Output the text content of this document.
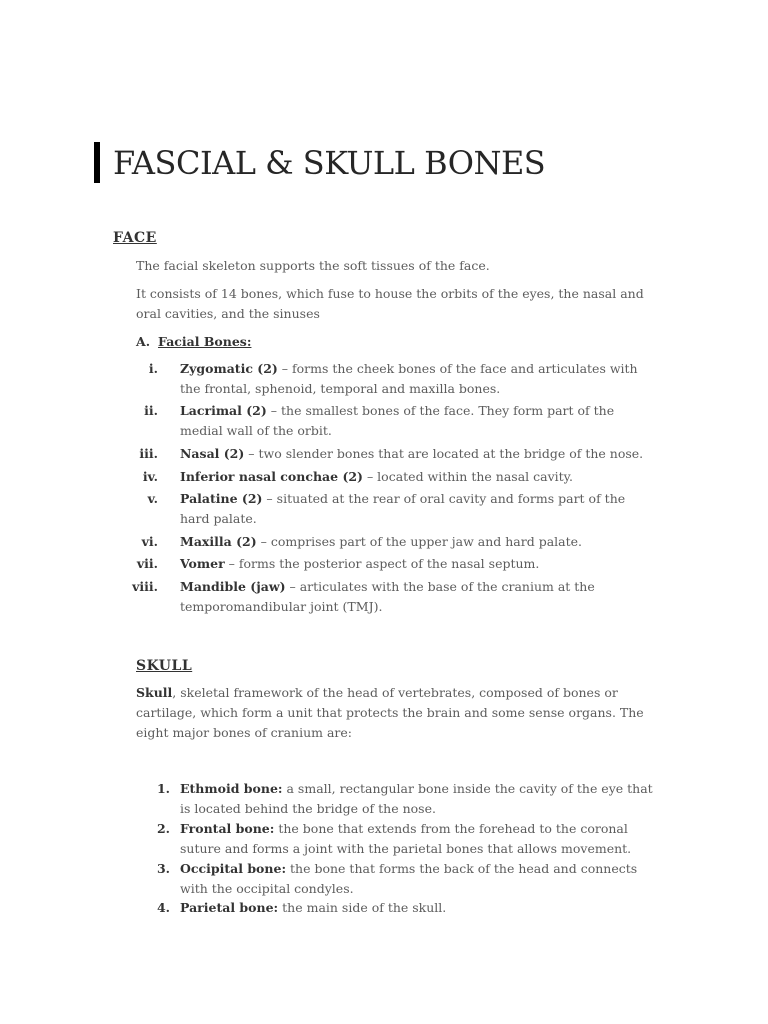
FASCIAL & SKULL BONES
FACE
The facial skeleton supports the soft tissues of the face.
It consists of 14 bones, which fuse to house the orbits of the eyes, the nasal and oral cavities, and the sinuses
A. Facial Bones:
i. Zygomatic (2) – forms the cheek bones of the face and articulates with the frontal, sphenoid, temporal and maxilla bones.
ii. Lacrimal (2) – the smallest bones of the face. They form part of the medial wall of the orbit.
iii. Nasal (2) – two slender bones that are located at the bridge of the nose.
iv. Inferior nasal conchae (2) – located within the nasal cavity.
v. Palatine (2) – situated at the rear of oral cavity and forms part of the hard palate.
vi. Maxilla (2) – comprises part of the upper jaw and hard palate.
vii. Vomer – forms the posterior aspect of the nasal septum.
viii. Mandible (jaw) – articulates with the base of the cranium at the temporomandibular joint (TMJ).
SKULL
Skull, skeletal framework of the head of vertebrates, composed of bones or cartilage, which form a unit that protects the brain and some sense organs. The eight major bones of cranium are:
1. Ethmoid bone: a small, rectangular bone inside the cavity of the eye that is located behind the bridge of the nose.
2. Frontal bone: the bone that extends from the forehead to the coronal suture and forms a joint with the parietal bones that allows movement.
3. Occipital bone: the bone that forms the back of the head and connects with the occipital condyles.
4. Parietal bone: the main side of the skull.
